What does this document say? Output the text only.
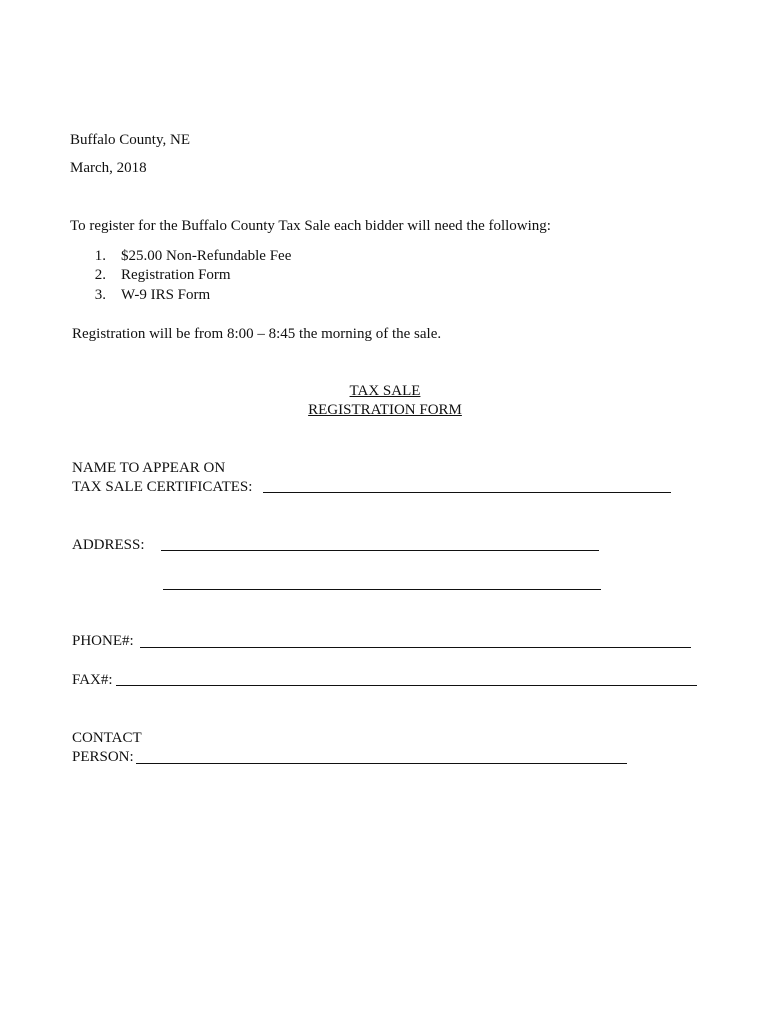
Buffalo County, NE
March, 2018
To register for the Buffalo County Tax Sale each bidder will need the following:
1. $25.00 Non-Refundable Fee
2. Registration Form
3. W-9 IRS Form
Registration will be from 8:00 – 8:45 the morning of the sale.
TAX SALE
REGISTRATION FORM
NAME TO APPEAR ON
TAX SALE CERTIFICATES:
ADDRESS:
PHONE#:
FAX#:
CONTACT
PERSON:
